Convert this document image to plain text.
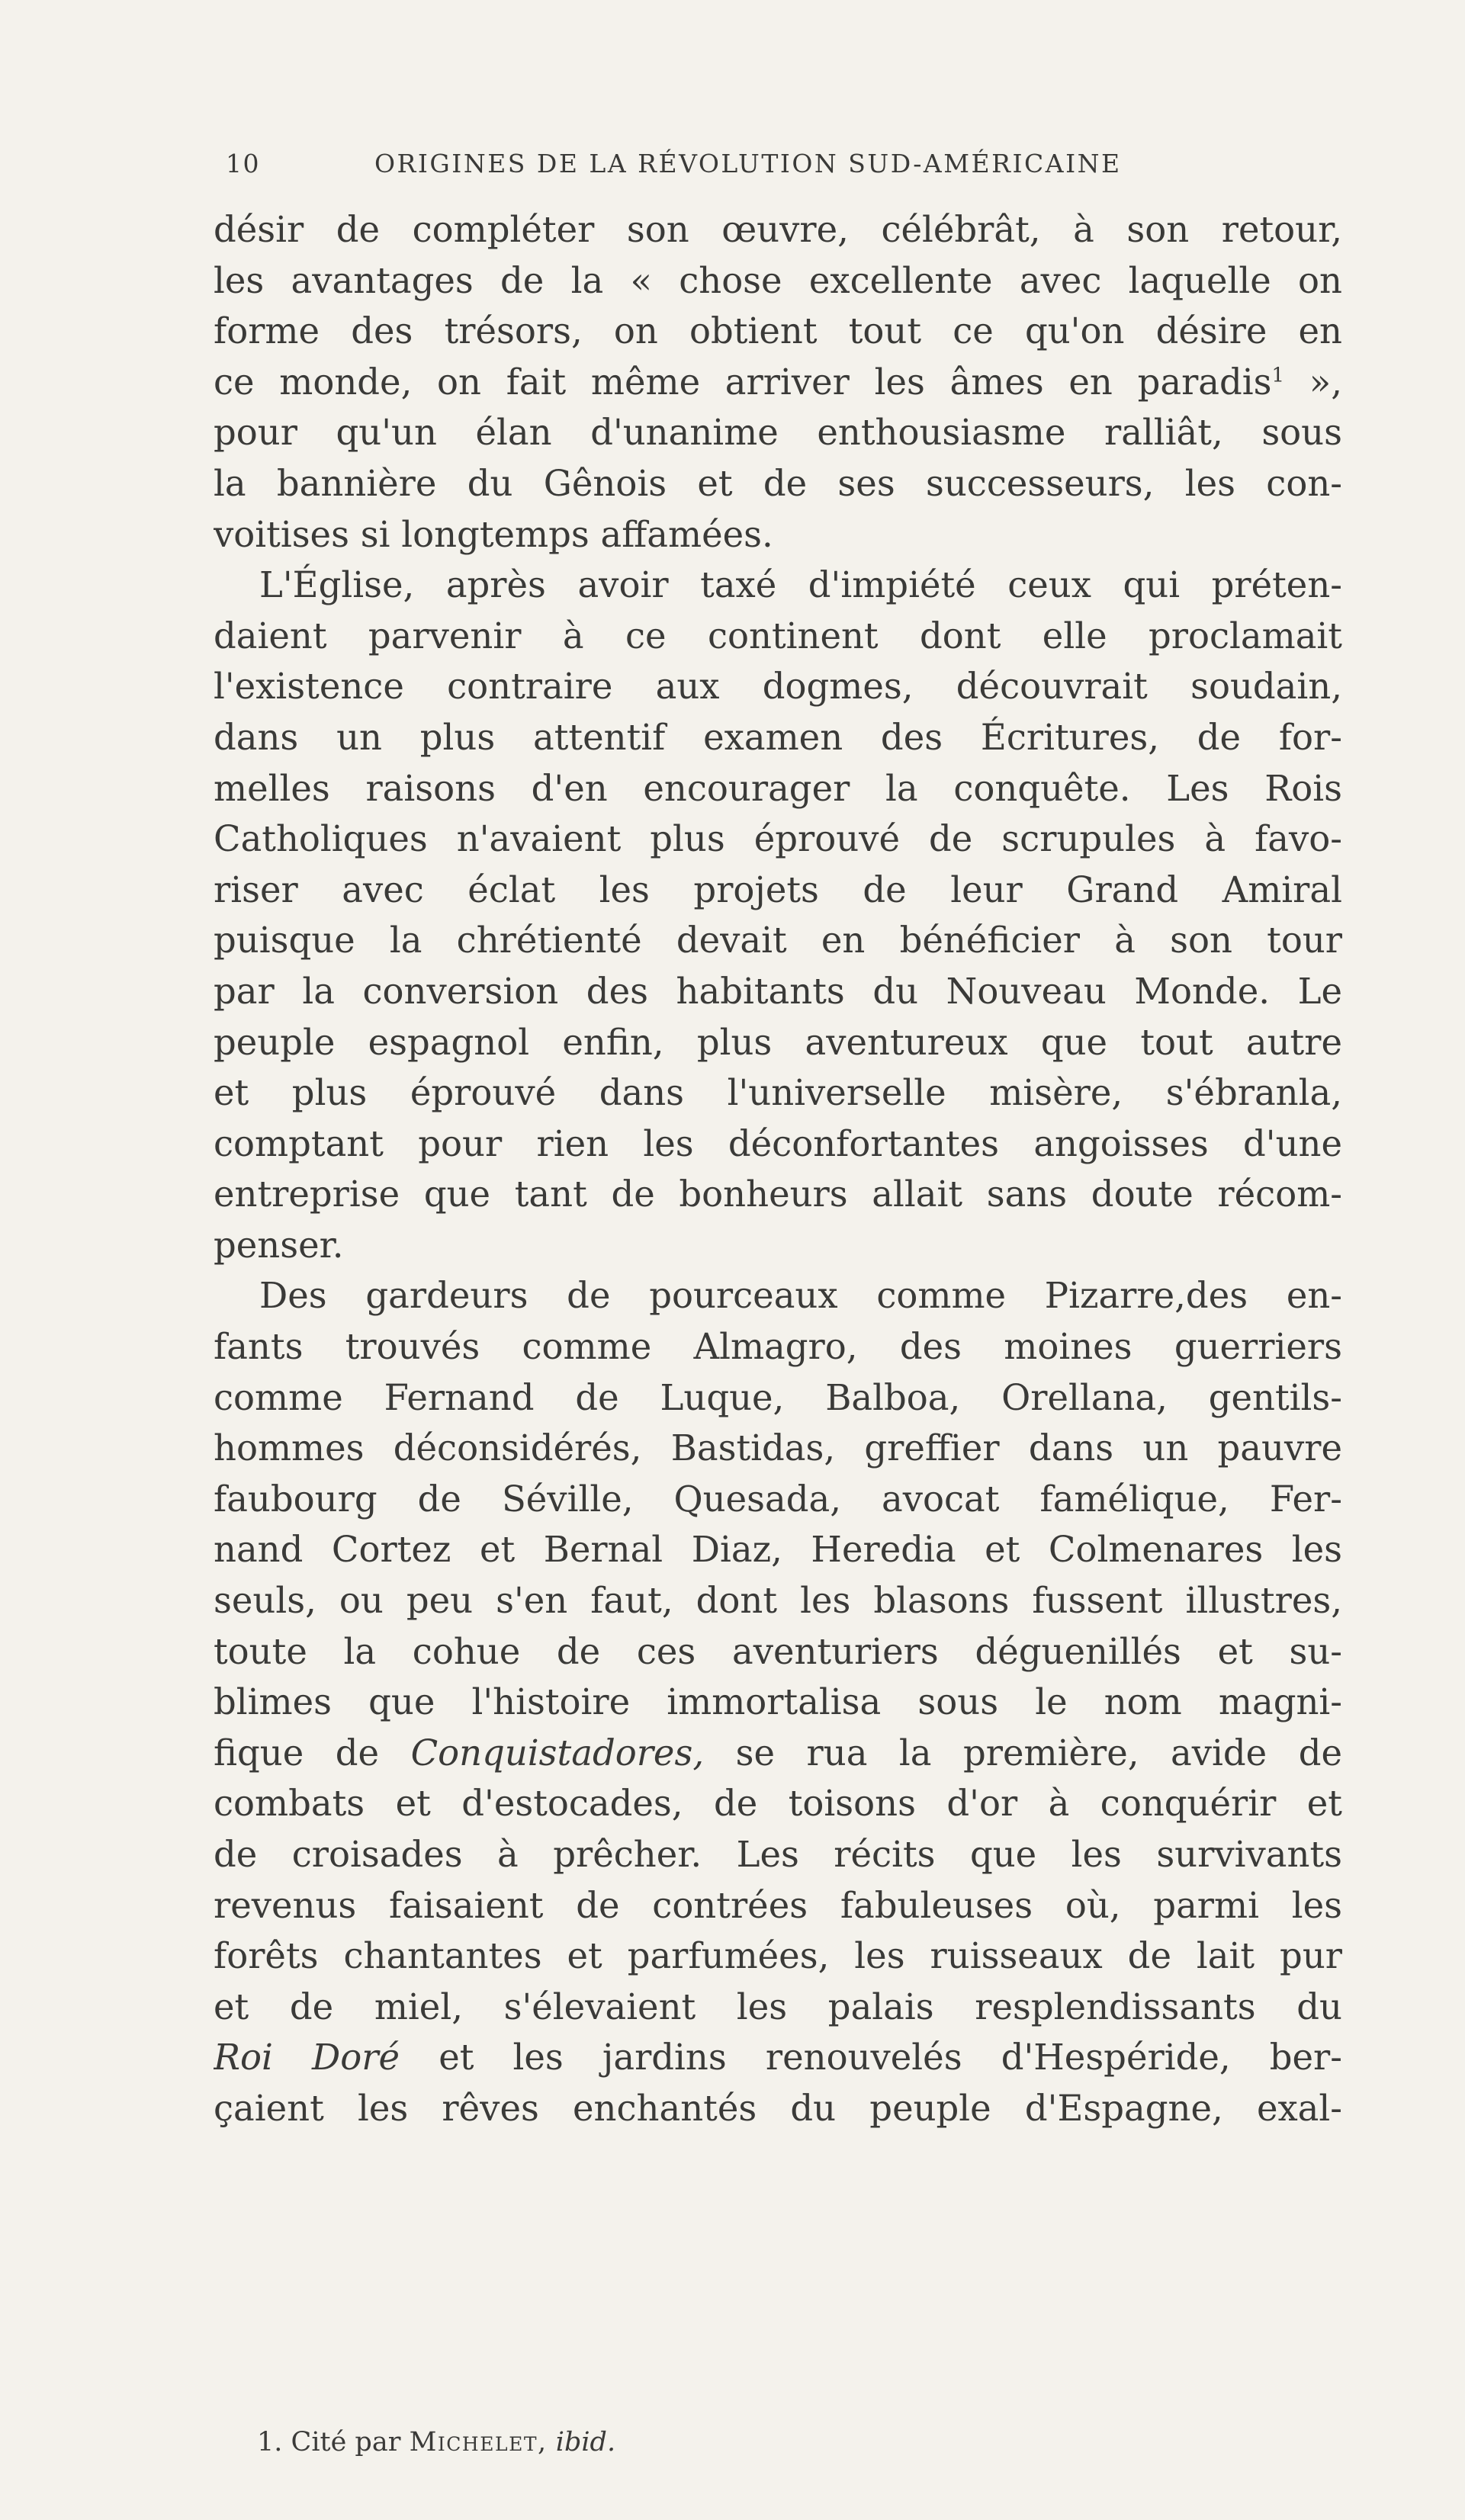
10	ORIGINES DE LA RÉVOLUTION SUD-AMÉRICAINE
désir de compléter son œuvre, célébrât, à son retour,
les avantages de la « chose excellente avec laquelle on
forme des trésors, on obtient tout ce qu'on désire en
ce monde, on fait même arriver les âmes en paradis$^1$ »,
pour qu'un élan d'unanime enthousiasme ralliât, sous
la bannière du Gênois et de ses successeurs, les con-
voitises si longtemps affamées.
L'Église, après avoir taxé d'impiété ceux qui préten-
daient parvenir à ce continent dont elle proclamait
l'existence contraire aux dogmes, découvrait soudain,
dans un plus attentif examen des Écritures, de for-
melles raisons d'en encourager la conquête. Les Rois
Catholiques n'avaient plus éprouvé de scrupules à favo-
riser avec éclat les projets de leur Grand Amiral
puisque la chrétienté devait en bénéficier à son tour
par la conversion des habitants du Nouveau Monde. Le
peuple espagnol enfin, plus aventureux que tout autre
et plus éprouvé dans l'universelle misère, s'ébranla,
comptant pour rien les déconfortantes angoisses d'une
entreprise que tant de bonheurs allait sans doute récom-
penser.
Des gardeurs de pourceaux comme Pizarre,des en-
fants trouvés comme Almagro, des moines guerriers
comme Fernand de Luque, Balboa, Orellana, gentils-
hommes déconsidérés, Bastidas, greffier dans un pauvre
faubourg de Séville, Quesada, avocat famélique, Fer-
nand Cortez et Bernal Diaz, Heredia et Colmenares les
seuls, ou peu s'en faut, dont les blasons fussent illustres,
toute la cohue de ces aventuriers déguenillés et su-
blimes que l'histoire immortalisa sous le nom magni-
fique de Conquistadores, se rua la première, avide de
combats et d'estocades, de toisons d'or à conquérir et
de croisades à prêcher. Les récits que les survivants
revenus faisaient de contrées fabuleuses où, parmi les
forêts chantantes et parfumées, les ruisseaux de lait pur
et de miel, s'élevaient les palais resplendissants du
Roi Doré et les jardins renouvelés d'Hespéride, ber-
çaient les rêves enchantés du peuple d'Espagne, exal-
1. Cité par Michelet, ibid.
